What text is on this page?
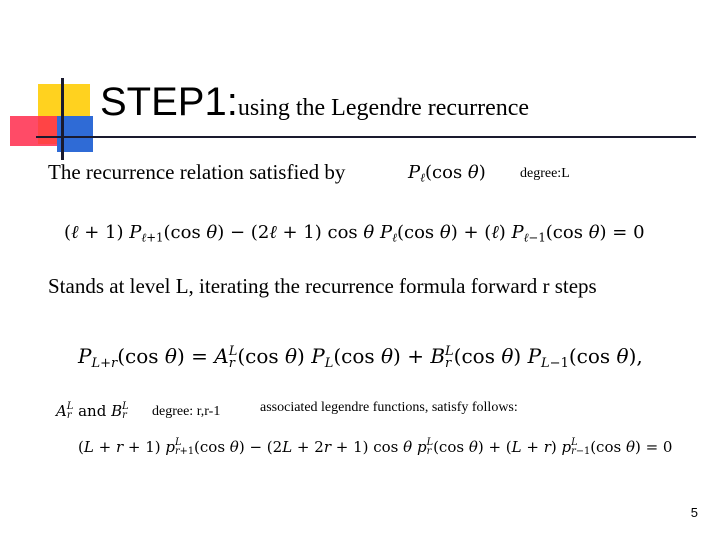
STEP1:using the Legendre recurrence
The recurrence relation satisfied by	$P_\ell(\cos$ θ) degree:L
(ℓ + 1) $P_{\ell+1}(\cos$ θ) − (2ℓ + 1) cos θ $P_\ell(\cos$ θ) + (ℓ) $P_{\ell-1}(\cos$ θ) = 0
Stands at level L, iterating the recurrence formula forward r steps
$P_{L+r}(\cos$ θ) = A L
r (cos θ) $P_L(\cos$ θ) + B L
r (cos θ) $P_{L-1}(\cos$ θ),
A L
r and B L
r degree: r,r-1	associated legendre functions, satisfy follows:
(L + r + 1) p L
r+1 (cos θ) − (2L + 2r + 1) cos θ p L
r (cos θ) + (L + r) p L
r−1 (cos θ) = 0
5
